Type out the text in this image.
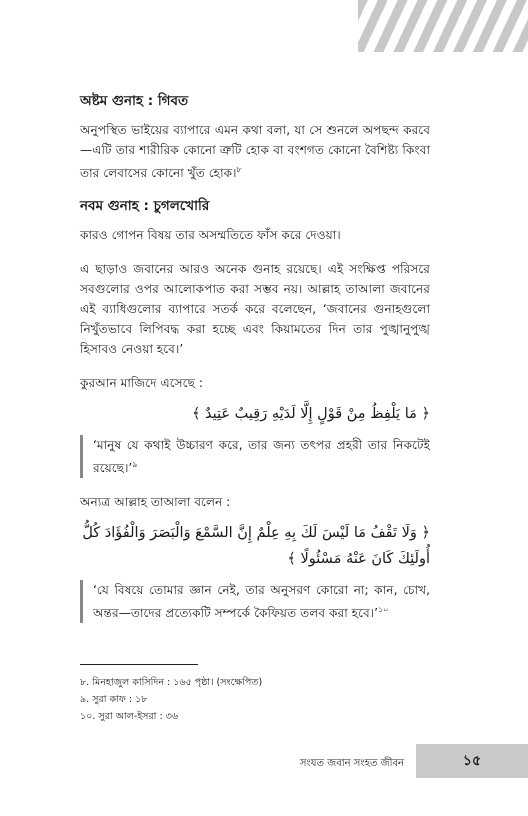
অষ্টম গুনাহ : গিবত

অনুপস্থিত ভাইয়ের ব্যাপারে এমন কথা বলা, যা সে শুনলে অপছন্দ করবে—এটি তার শারীরিক কোনো ত্রুটি হোক বা বংশগত কোনো বৈশিষ্ট্য কিংবা তার লেবাসের কোনো খুঁত হোক।$^৮$

নবম গুনাহ : চুগলখোরি

কারও গোপন বিষয় তার অসম্মতিতে ফাঁস করে দেওয়া।

এ ছাড়াও জবানের আরও অনেক গুনাহ রয়েছে। এই সংক্ষিপ্ত পরিসরে সবগুলোর ওপর আলোকপাত করা সম্ভব নয়। আল্লাহ তাআলা জবানের এই ব্যাধিগুলোর ব্যাপারে সতর্ক করে বলেছেন, ‘জবানের গুনাহগুলো নিখুঁতভাবে লিপিবদ্ধ করা হচ্ছে এবং কিয়ামতের দিন তার পুঙ্খানুপুঙ্খ হিসাবও নেওয়া হবে।’

কুরআন মাজিদে এসেছে :

﴿ مَا يَلْفِظُ مِنْ قَوْلٍ إِلَّا لَدَيْهِ رَقِيبٌ عَتِيدٌ ﴾

‘মানুষ যে কথাই উচ্চারণ করে, তার জন্য তৎপর প্রহরী তার নিকটেই রয়েছে।’$^৯$

অন্যত্র আল্লাহ তাআলা বলেন :

﴿ وَلَا تَقْفُ مَا لَيْسَ لَكَ بِهِ عِلْمٌ إِنَّ السَّمْعَ وَالْبَصَرَ وَالْفُؤَادَ كُلُّ أُولَئِكَ كَانَ عَنْهُ مَسْئُولًا ﴾

‘যে বিষয়ে তোমার জ্ঞান নেই, তার অনুসরণ কোরো না; কান, চোখ, অন্তর—তাদের প্রত্যেকটি সম্পর্কে কৈফিয়ত তলব করা হবে।’$^{১০}$

৮. মিনহাজুল কাসিদিন : ১৬৫ পৃষ্ঠা। (সংক্ষেপিত)
৯. সুরা কাফ : ১৮
১০. সুরা আল-ইসরা : ৩৬
সংযত জবান সংহত জীবন	১৫
